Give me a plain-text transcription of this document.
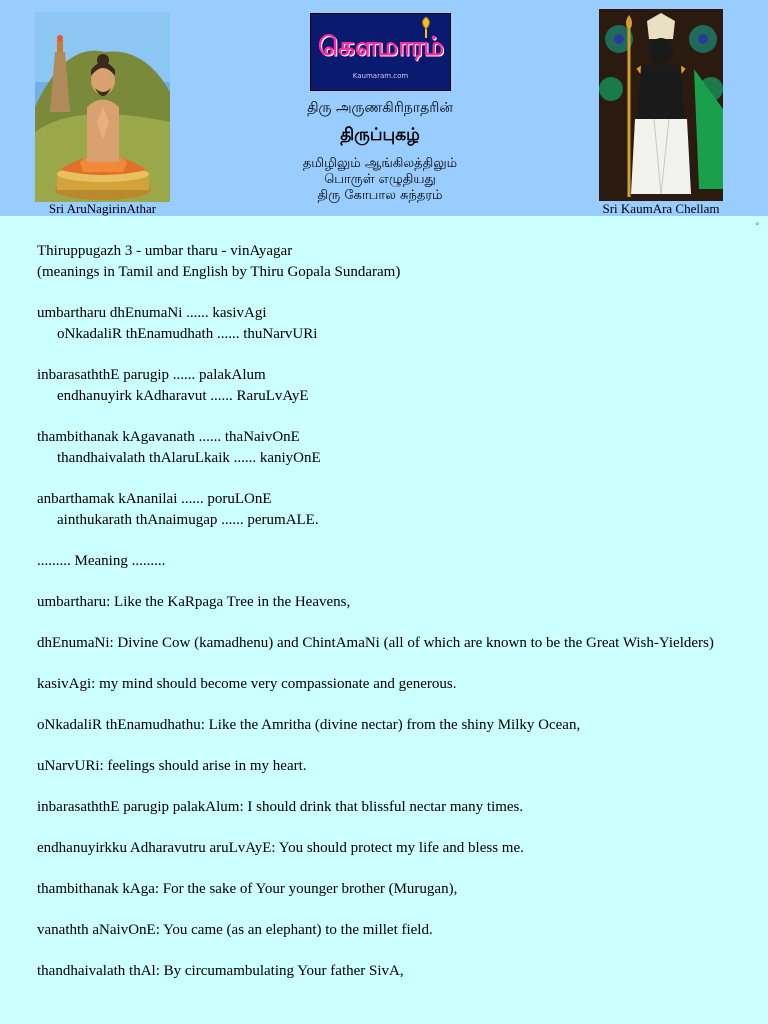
Sri AruNagirinAthar
கௌமாரம்
Kaumaram.com
திரு அருணகிரிநாதரின்
திருப்புகழ்
தமிழிலும் ஆங்கிலத்திலும்
பொருள் எழுதியது
திரு கோபால சுந்தரம்
Sri KaumAra Chellam
°
Thiruppugazh 3 - umbar tharu - vinAyagar
(meanings in Tamil and English by Thiru Gopala Sundaram)
umbartharu dhEnumaNi ...... kasivAgi
oNkadaliR thEnamudhath ...... thuNarvURi
inbarasaththE parugip ...... palakAlum
endhanuyirk kAdharavut ...... RaruLvAyE
thambithanak kAgavanath ...... thaNaivOnE
thandhaivalath thAlaruLkaik ...... kaniyOnE
anbarthamak kAnanilai ...... poruLOnE
ainthukarath thAnaimugap ...... perumALE.
......... Meaning .........
umbartharu: Like the KaRpaga Tree in the Heavens,
dhEnumaNi: Divine Cow (kamadhenu) and ChintAmaNi (all of which are known to be the Great Wish-Yielders)
kasivAgi: my mind should become very compassionate and generous.
oNkadaliR thEnamudhathu: Like the Amritha (divine nectar) from the shiny Milky Ocean,
uNarvURi: feelings should arise in my heart.
inbarasaththE parugip palakAlum: I should drink that blissful nectar many times.
endhanuyirkku Adharavutru aruLvAyE: You should protect my life and bless me.
thambithanak kAga: For the sake of Your younger brother (Murugan),
vanathth aNaivOnE: You came (as an elephant) to the millet field.
thandhaivalath thAl: By circumambulating Your father SivA,
